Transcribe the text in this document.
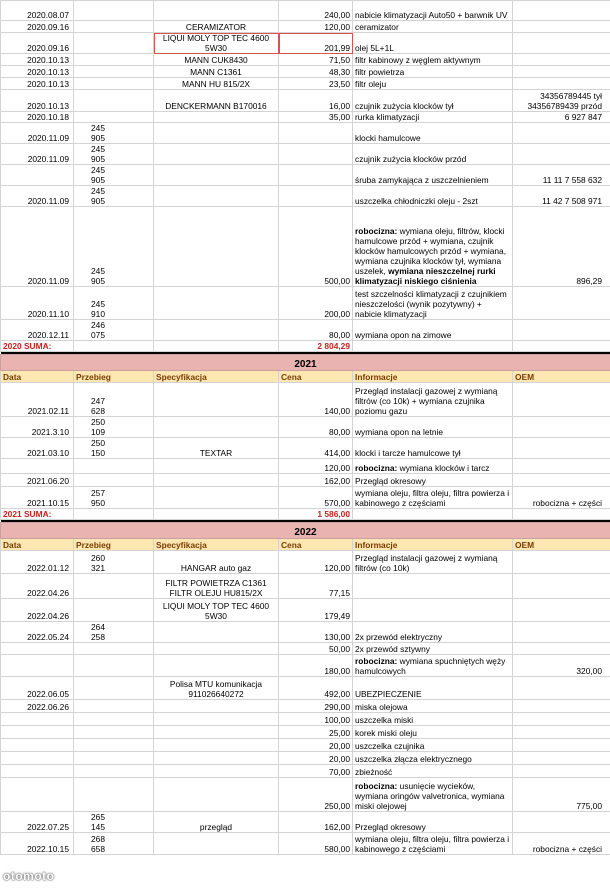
2020.08.07			240,00	nabicie klimatyzacji Auto50 + barwnik UV	
2020.09.16		CERAMIZATOR	120,00	ceramizator	
2020.09.16		LIQUI MOLY TOP TEC 4600 5W30	201,99	olej 5L+1L	
2020.10.13		MANN CUK8430	71,50	filtr kabinowy z węglem aktywnym	
2020.10.13		MANN C1361	48,30	filtr powietrza	
2020.10.13		MANN HU 815/2X	23,50	filtr oleju	
2020.10.13		DENCKERMANN B170016	16,00	czujnik zużycia klocków tył	34356789445 tył 34356789439 przód
2020.10.18			35,00	rurka klimatyzacji	6 927 847
2020.11.09	245 905			klocki hamulcowe	
2020.11.09	245 905			czujnik zużycia klocków przód	
	245 905			śruba zamykająca z uszczelnieniem	11 11 7 558 632
2020.11.09	245 905			uszczelka chłodniczki oleju - 2szt	11 42 7 508 971
2020.11.09	245 905		500,00	robocizna: wymiana oleju, filtrów, klocki hamulcowe przód + wymiana, czujnik klocków hamulcowych przód + wymiana, wymiana czujnika klocków tył, wymiana uszelek, wymiana nieszczelnej rurki klimatyzacji niskiego ciśnienia	896,29
2020.11.10	245 910		200,00	test szczelności klimatyzacji z czujnikiem nieszczelości (wynik pozytywny) + nabicie klimatyzacji	
2020.12.11	246 075		80,00	wymiana opon na zimowe	
2020 SUMA:			2 804,29		

2021					
Data	Przebieg	Specyfikacja	Cena	Informacje	OEM
2021.02.11	247 628		140,00	Przegląd instalacji gazowej z wymianą filtrów (co 10k) + wymiana czujnika poziomu gazu	
2021.3.10	250 109		80,00	wymiana opon na letnie	
2021.03.10	250 150	TEXTAR	414,00	klocki i tarcze hamulcowe tył	
			120,00	robocizna: wymiana klocków i tarcz	
2021.06.20			162,00	Przegląd okresowy	
2021.10.15	257 950		570,00	wymiana oleju, filtra oleju, filtra powierza i kabinowego z częściami	robocizna + części
2021 SUMA:			1 586,00		

2022					
Data	Przebieg	Specyfikacja	Cena	Informacje	OEM
2022.01.12	260 321	HANGAR auto gaz	120,00	Przegląd instalacji gazowej z wymianą filtrów (co 10k)	
2022.04.26		FILTR POWIETRZA C1361 FILTR OLEJU HU815/2X	77,15		
2022.04.26		LIQUI MOLY TOP TEC 4600 5W30	179,49		
2022.05.24	264 258		130,00	2x przewód elektryczny	
			50,00	2x przewód sztywny	
			180,00	robocizna: wymiana spuchniętych węży hamulcowych	320,00
2022.06.05		Polisa MTU komunikacja 911026640272	492,00	UBEZPIECZENIE	
2022.06.26			290,00	miska olejowa	
			100,00	uszczelka miski	
			25,00	korek miski oleju	
			20,00	uszczelka czujnika	
			20,00	uszczelka złącza elektrycznego	
			70,00	zbieżność	
			250,00	robocizna: usunięcie wycieków, wymiana oringów valvetronica, wymiana miski olejowej	775,00
2022.07.25	265 145	przegląd	162,00	Przegląd okresowy	
2022.10.15	268 658		580,00	wymiana oleju, filtra oleju, filtra powierza i kabinowego z częściami	robocizna + części
otomoto
